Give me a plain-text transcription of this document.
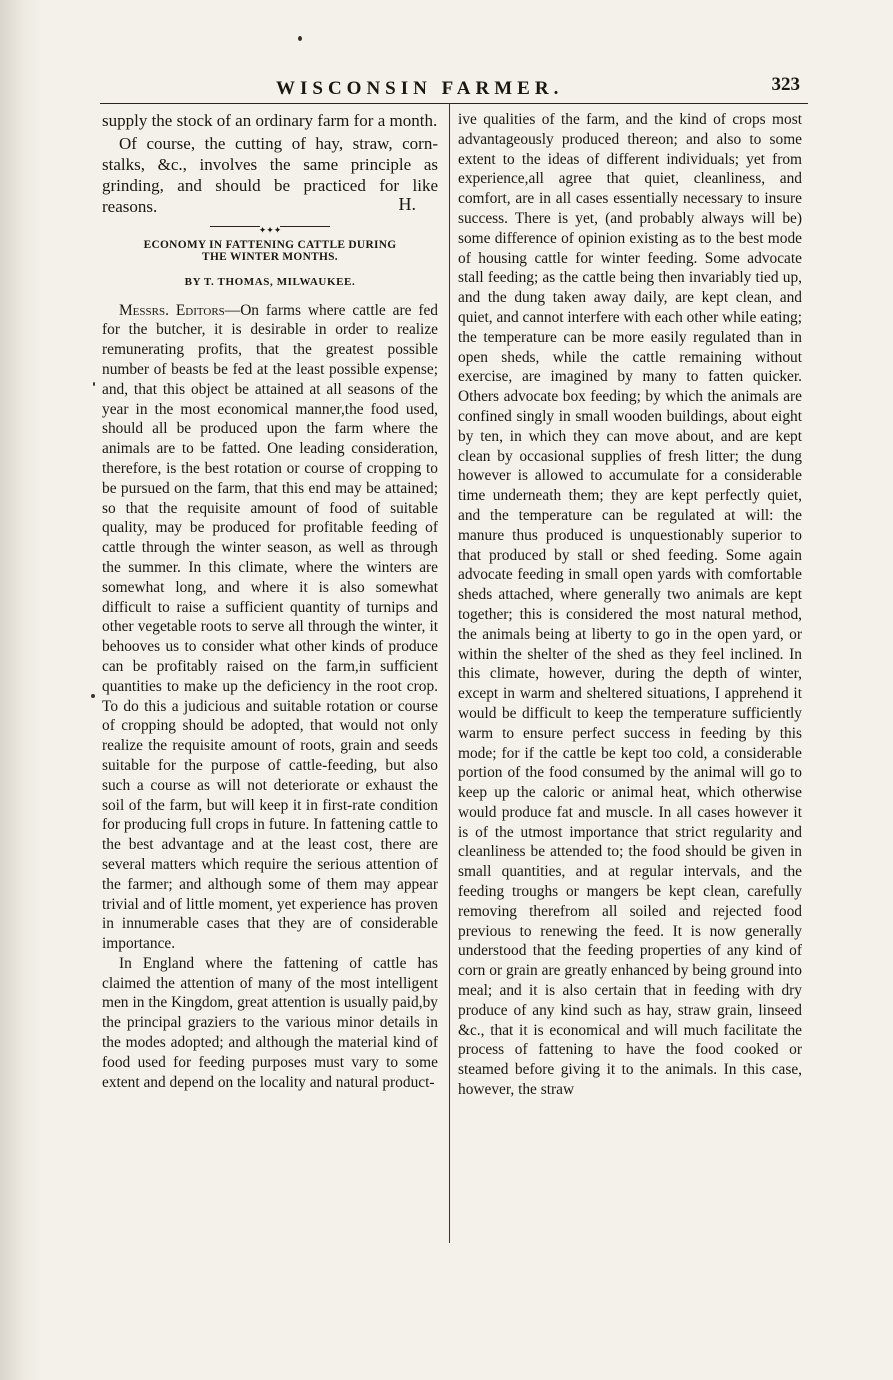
WISCONSIN FARMER.	323

supply the stock of an ordinary farm for a month.

Of course, the cutting of hay, straw, corn-stalks, &c., involves the same principle as grinding, and should be practiced for like reasons.	H.
✦✦✦
ECONOMY IN FATTENING CATTLE DURING
THE WINTER MONTHS.
BY T. THOMAS, MILWAUKEE.

Messrs. Editors—On farms where cattle are fed for the butcher, it is desirable in order to realize remunerating profits, that the greatest possible number of beasts be fed at the least possible expense; and, that this object be attained at all seasons of the year in the most economical manner,the food used, should all be produced upon the farm where the animals are to be fatted. One leading consideration, therefore, is the best rotation or course of cropping to be pursued on the farm, that this end may be attained; so that the requisite amount of food of suitable quality, may be produced for profitable feeding of cattle through the winter season, as well as through the summer. In this climate, where the winters are somewhat long, and where it is also somewhat difficult to raise a sufficient quantity of turnips and other vegetable roots to serve all through the winter, it behooves us to consider what other kinds of produce can be profitably raised on the farm,in sufficient quantities to make up the deficiency in the root crop. To do this a judicious and suitable rotation or course of cropping should be adopted, that would not only realize the requisite amount of roots, grain and seeds suitable for the purpose of cattle-feeding, but also such a course as will not deteriorate or exhaust the soil of the farm, but will keep it in first-rate condition for producing full crops in future. In fattening cattle to the best advantage and at the least cost, there are several matters which require the serious attention of the farmer; and although some of them may appear trivial and of little moment, yet experience has proven in innumerable cases that they are of considerable importance.

In England where the fattening of cattle has claimed the attention of many of the most intelligent men in the Kingdom, great attention is usually paid,by the principal graziers to the various minor details in the modes adopted; and although the material kind of food used for feeding purposes must vary to some extent and depend on the locality and natural product-

ive qualities of the farm, and the kind of crops most advantageously produced thereon; and also to some extent to the ideas of different individuals; yet from experience,all agree that quiet, cleanliness, and comfort, are in all cases essentially necessary to insure success. There is yet, (and probably always will be) some difference of opinion existing as to the best mode of housing cattle for winter feeding. Some advocate stall feeding; as the cattle being then invariably tied up, and the dung taken away daily, are kept clean, and quiet, and cannot interfere with each other while eating; the temperature can be more easily regulated than in open sheds, while the cattle remaining without exercise, are imagined by many to fatten quicker. Others advocate box feeding; by which the animals are confined singly in small wooden buildings, about eight by ten, in which they can move about, and are kept clean by occasional supplies of fresh litter; the dung however is allowed to accumulate for a considerable time underneath them; they are kept perfectly quiet, and the temperature can be regulated at will: the manure thus produced is unquestionably superior to that produced by stall or shed feeding. Some again advocate feeding in small open yards with comfortable sheds attached, where generally two animals are kept together; this is considered the most natural method, the animals being at liberty to go in the open yard, or within the shelter of the shed as they feel inclined. In this climate, however, during the depth of winter, except in warm and sheltered situations, I apprehend it would be difficult to keep the temperature sufficiently warm to ensure perfect success in feeding by this mode; for if the cattle be kept too cold, a considerable portion of the food consumed by the animal will go to keep up the caloric or animal heat, which otherwise would produce fat and muscle. In all cases however it is of the utmost importance that strict regularity and cleanliness be attended to; the food should be given in small quantities, and at regular intervals, and the feeding troughs or mangers be kept clean, carefully removing therefrom all soiled and rejected food previous to renewing the feed. It is now generally understood that the feeding properties of any kind of corn or grain are greatly enhanced by being ground into meal; and it is also certain that in feeding with dry produce of any kind such as hay, straw grain, linseed &c., that it is economical and will much facilitate the process of fattening to have the food cooked or steamed before giving it to the animals. In this case, however, the straw
